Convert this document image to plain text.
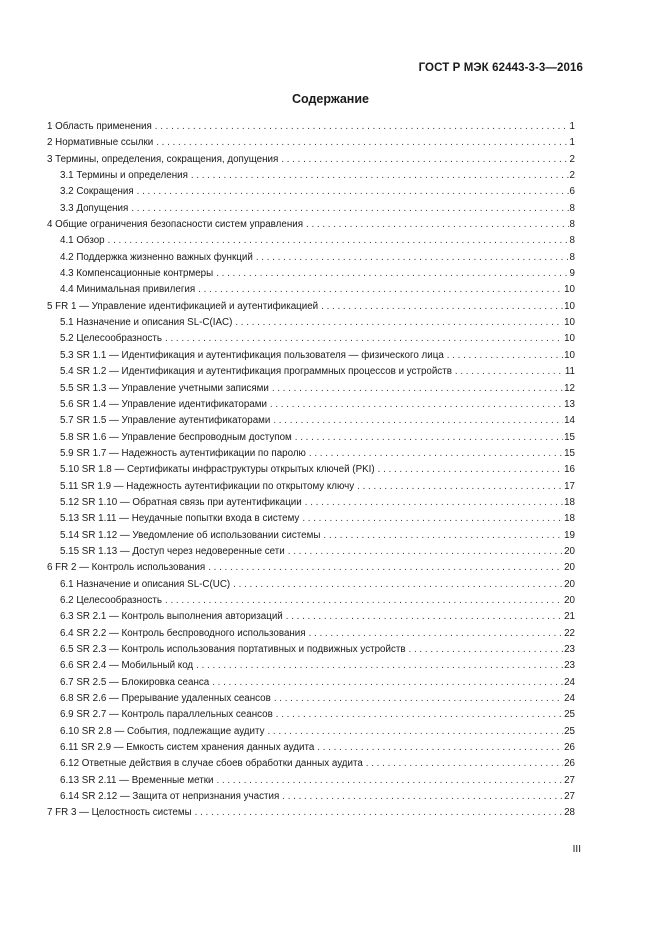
ГОСТ Р МЭК 62443-3-3—2016
Содержание
1 Область применения . . .	1
2 Нормативные ссылки . . .	1
3 Термины, определения, сокращения, допущения . . .	2
3.1 Термины и определения . . .	2
3.2 Сокращения . . .	6
3.3 Допущения . . .	8
4 Общие ограничения безопасности систем управления . . .	8
4.1 Обзор . . .	8
4.2 Поддержка жизненно важных функций . . .	8
4.3 Компенсационные контрмеры . . .	9
4.4 Минимальная привилегия . . .	10
5 FR 1 — Управление идентификацией и аутентификацией . . .	10
5.1 Назначение и описания SL-C(IAC) . . .	10
5.2 Целесообразность . . .	10
5.3 SR 1.1 — Идентификация и аутентификация пользователя — физического лица . . .	10
5.4 SR 1.2 — Идентификация и аутентификация программных процессов и устройств . . .	11
5.5 SR 1.3 — Управление учетными записями . . .	12
5.6 SR 1.4 — Управление идентификаторами . . .	13
5.7 SR 1.5 — Управление аутентификаторами . . .	14
5.8 SR 1.6 — Управление беспроводным доступом . . .	15
5.9 SR 1.7 — Надежность аутентификации по паролю . . .	15
5.10 SR 1.8 — Сертификаты инфраструктуры открытых ключей (PKI) . . .	16
5.11 SR 1.9 — Надежность аутентификации по открытому ключу . . .	17
5.12 SR 1.10 — Обратная связь при аутентификации . . .	18
5.13 SR 1.11 — Неудачные попытки входа в систему . . .	18
5.14 SR 1.12 — Уведомление об использовании системы . . .	19
5.15 SR 1.13 — Доступ через недоверенные сети . . .	20
6 FR 2 — Контроль использования . . .	20
6.1 Назначение и описания SL-C(UC) . . .	20
6.2 Целесообразность . . .	20
6.3 SR 2.1 — Контроль выполнения авторизаций . . .	21
6.4 SR 2.2 — Контроль беспроводного использования . . .	22
6.5 SR 2.3 — Контроль использования портативных и подвижных устройств . . .	23
6.6 SR 2.4 — Мобильный код . . .	23
6.7 SR 2.5 — Блокировка сеанса . . .	24
6.8 SR 2.6 — Прерывание удаленных сеансов . . .	24
6.9 SR 2.7 — Контроль параллельных сеансов . . .	25
6.10 SR 2.8 — События, подлежащие аудиту . . .	25
6.11 SR 2.9 — Емкость систем хранения данных аудита . . .	26
6.12 Ответные действия в случае сбоев обработки данных аудита . . .	26
6.13 SR 2.11 — Временные метки . . .	27
6.14 SR 2.12 — Защита от непризнания участия . . .	27
7 FR 3 — Целостность системы . . .	28
III
